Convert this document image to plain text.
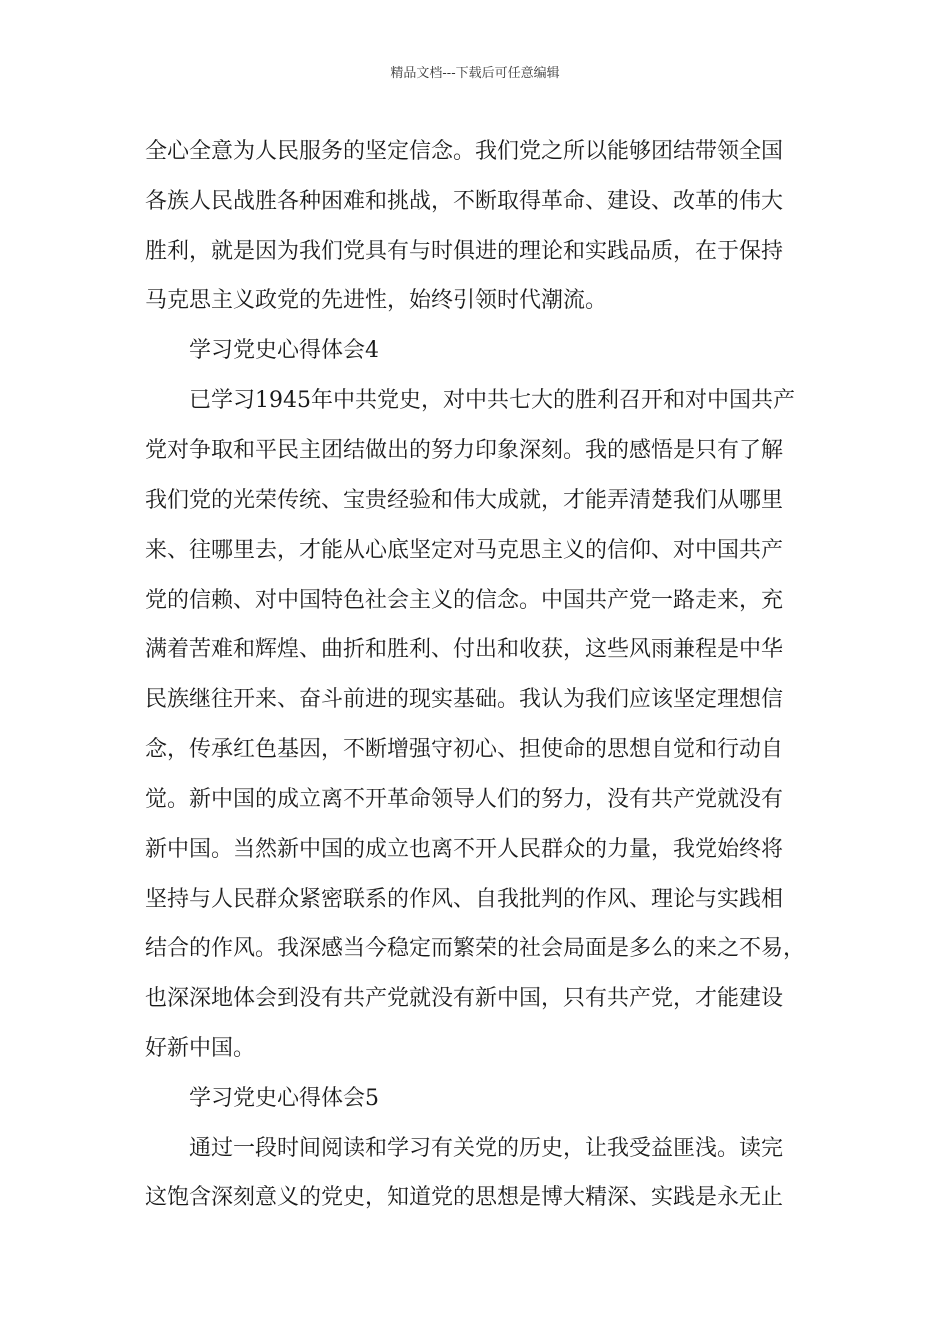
精品文档---下载后可任意编辑
全心全意为人民服务的坚定信念。我们党之所以能够团结带领全国
各族人民战胜各种困难和挑战，不断取得革命、建设、改革的伟大
胜利，就是因为我们党具有与时俱进的理论和实践品质，在于保持
马克思主义政党的先进性，始终引领时代潮流。
学习党史心得体会4
已学习1945年中共党史，对中共七大的胜利召开和对中国共产
党对争取和平民主团结做出的努力印象深刻。我的感悟是只有了解
我们党的光荣传统、宝贵经验和伟大成就，才能弄清楚我们从哪里
来、往哪里去，才能从心底坚定对马克思主义的信仰、对中国共产
党的信赖、对中国特色社会主义的信念。中国共产党一路走来，充
满着苦难和辉煌、曲折和胜利、付出和收获，这些风雨兼程是中华
民族继往开来、奋斗前进的现实基础。我认为我们应该坚定理想信
念，传承红色基因，不断增强守初心、担使命的思想自觉和行动自
觉。新中国的成立离不开革命领导人们的努力，没有共产党就没有
新中国。当然新中国的成立也离不开人民群众的力量，我党始终将
坚持与人民群众紧密联系的作风、自我批判的作风、理论与实践相
结合的作风。我深感当今稳定而繁荣的社会局面是多么的来之不易，
也深深地体会到没有共产党就没有新中国，只有共产党，才能建设
好新中国。
学习党史心得体会5
通过一段时间阅读和学习有关党的历史，让我受益匪浅。读完
这饱含深刻意义的党史，知道党的思想是博大精深、实践是永无止
